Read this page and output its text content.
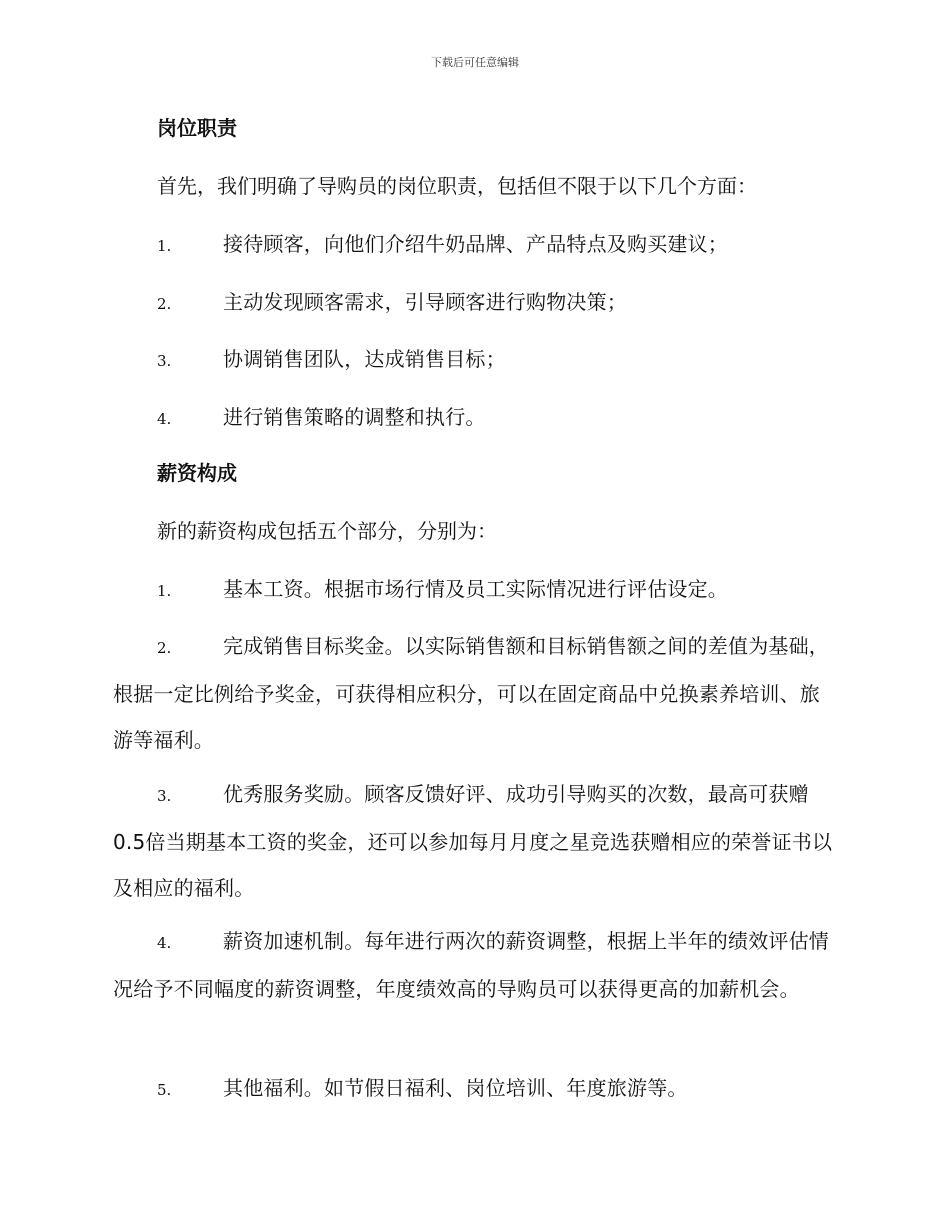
下载后可任意编辑
岗位职责
首先，我们明确了导购员的岗位职责，包括但不限于以下几个方面：
1.	接待顾客，向他们介绍牛奶品牌、产品特点及购买建议；
2.	主动发现顾客需求，引导顾客进行购物决策；
3.	协调销售团队，达成销售目标；
4.	进行销售策略的调整和执行。
薪资构成
新的薪资构成包括五个部分，分别为：
1.	基本工资。根据市场行情及员工实际情况进行评估设定。
2.	完成销售目标奖金。以实际销售额和目标销售额之间的差值为基础，根据一定比例给予奖金，可获得相应积分，可以在固定商品中兑换素养培训、旅游等福利。
3.	优秀服务奖励。顾客反馈好评、成功引导购买的次数，最高可获赠0.5倍当期基本工资的奖金，还可以参加每月月度之星竞选获赠相应的荣誉证书以及相应的福利。
4.	薪资加速机制。每年进行两次的薪资调整，根据上半年的绩效评估情况给予不同幅度的薪资调整，年度绩效高的导购员可以获得更高的加薪机会。
5.	其他福利。如节假日福利、岗位培训、年度旅游等。
